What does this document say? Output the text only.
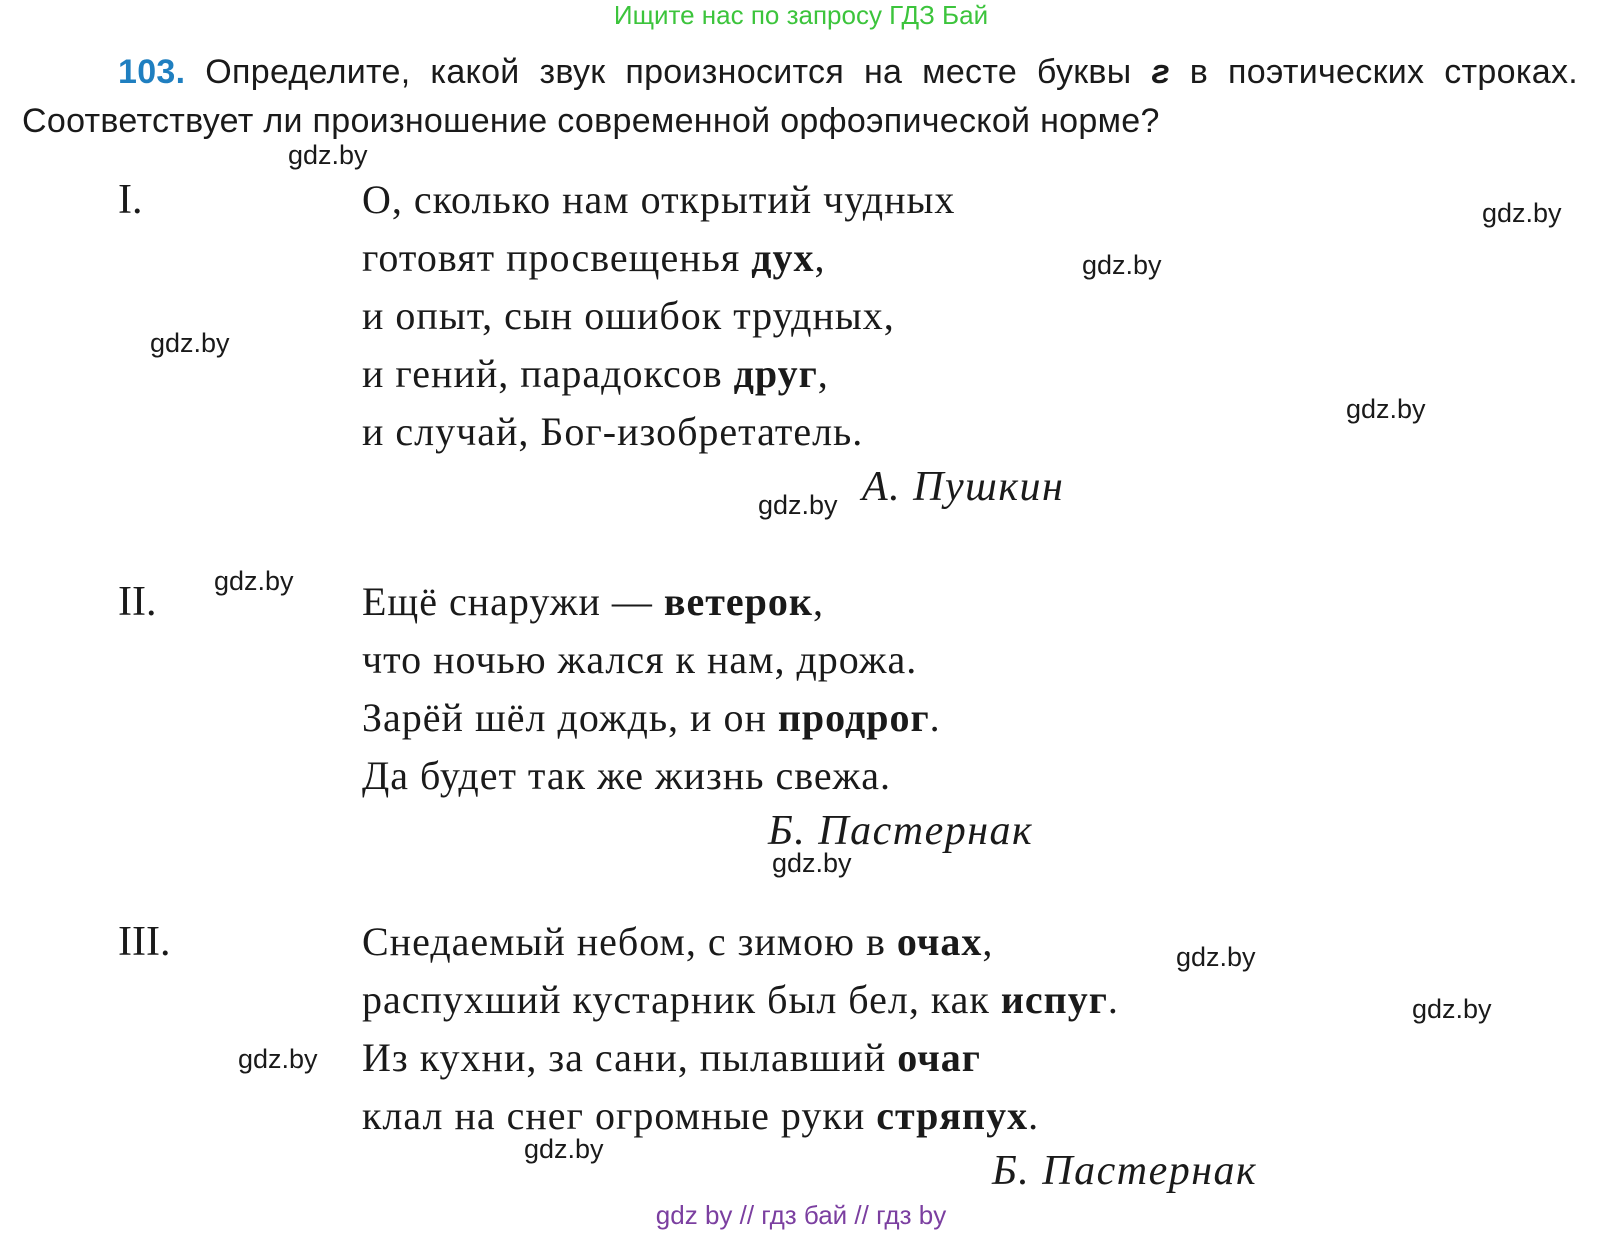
Ищите нас по запросу ГДЗ Бай
103. Определите, какой звук произносится на месте буквы г в поэтических строках. Соответствует ли произношение современной орфоэпической норме?
I.	О, сколько нам открытий чудных
готовят просвещенья дух,
и опыт, сын ошибок трудных,
и гений, парадоксов друг,
и случай, Бог-изобретатель.
А. Пушкин
II.	Ещё снаружи — ветерок,
что ночью жался к нам, дрожа.
Зарёй шёл дождь, и он продрог.
Да будет так же жизнь свежа.
Б. Пастернак
III.	Снедаемый небом, с зимою в очах,
распухший кустарник был бел, как испуг.
Из кухни, за сани, пылавший очаг
клал на снег огромные руки стряпух.
Б. Пастернак
gdz.by
gdz.by
gdz.by
gdz.by
gdz.by
gdz.by
gdz.by
gdz.by
gdz.by
gdz.by
gdz.by
gdz.by
gdz by // гдз бай // гдз by
